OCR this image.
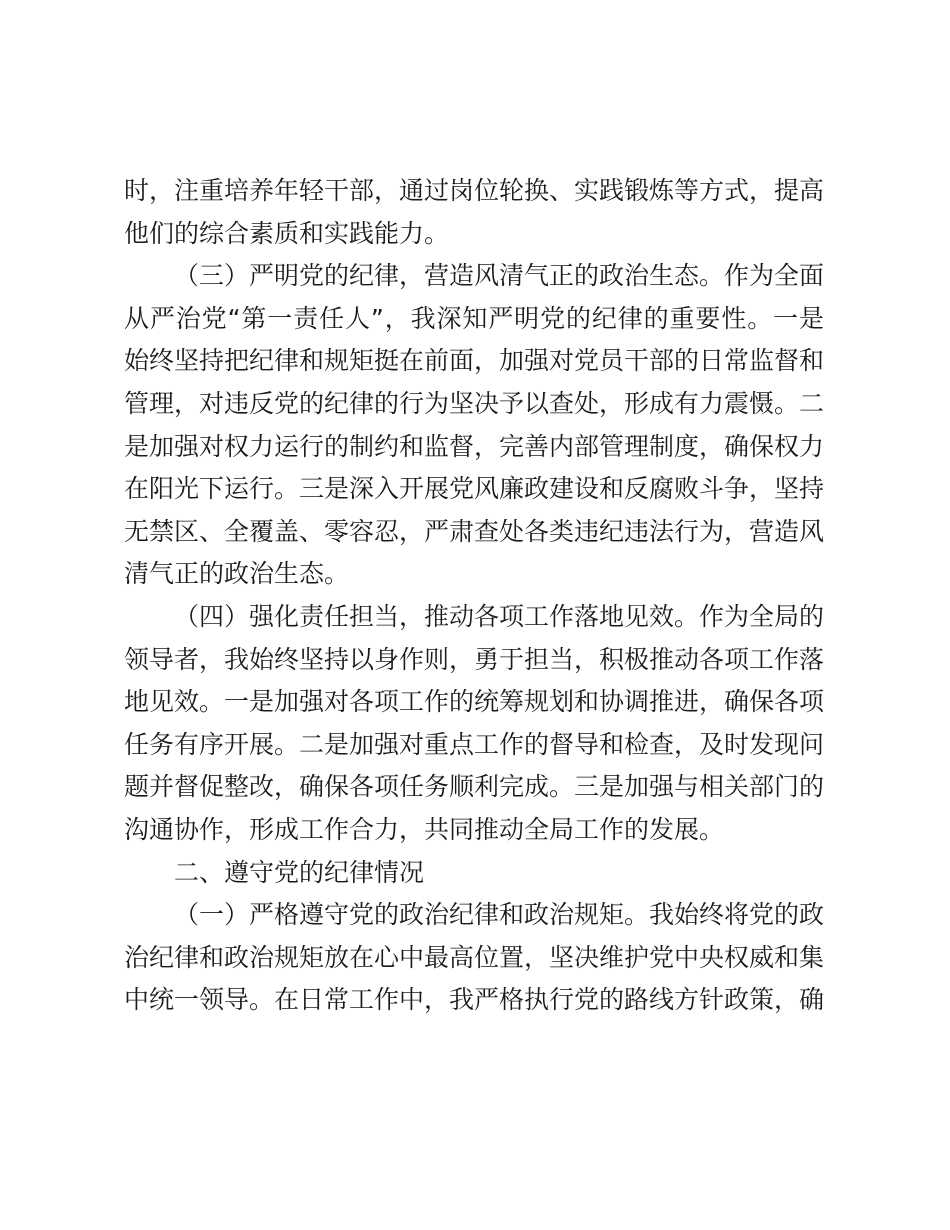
时，注重培养年轻干部，通过岗位轮换、实践锻炼等方式，提高他们的综合素质和实践能力。

（三）严明党的纪律，营造风清气正的政治生态。作为全面从严治党“第一责任人”，我深知严明党的纪律的重要性。一是始终坚持把纪律和规矩挺在前面，加强对党员干部的日常监督和管理，对违反党的纪律的行为坚决予以查处，形成有力震慑。二是加强对权力运行的制约和监督，完善内部管理制度，确保权力在阳光下运行。三是深入开展党风廉政建设和反腐败斗争，坚持无禁区、全覆盖、零容忍，严肃查处各类违纪违法行为，营造风清气正的政治生态。

（四）强化责任担当，推动各项工作落地见效。作为全局的领导者，我始终坚持以身作则，勇于担当，积极推动各项工作落地见效。一是加强对各项工作的统筹规划和协调推进，确保各项任务有序开展。二是加强对重点工作的督导和检查，及时发现问题并督促整改，确保各项任务顺利完成。三是加强与相关部门的沟通协作，形成工作合力，共同推动全局工作的发展。

二、遵守党的纪律情况

（一）严格遵守党的政治纪律和政治规矩。我始终将党的政治纪律和政治规矩放在心中最高位置，坚决维护党中央权威和集中统一领导。在日常工作中，我严格执行党的路线方针政策，确
